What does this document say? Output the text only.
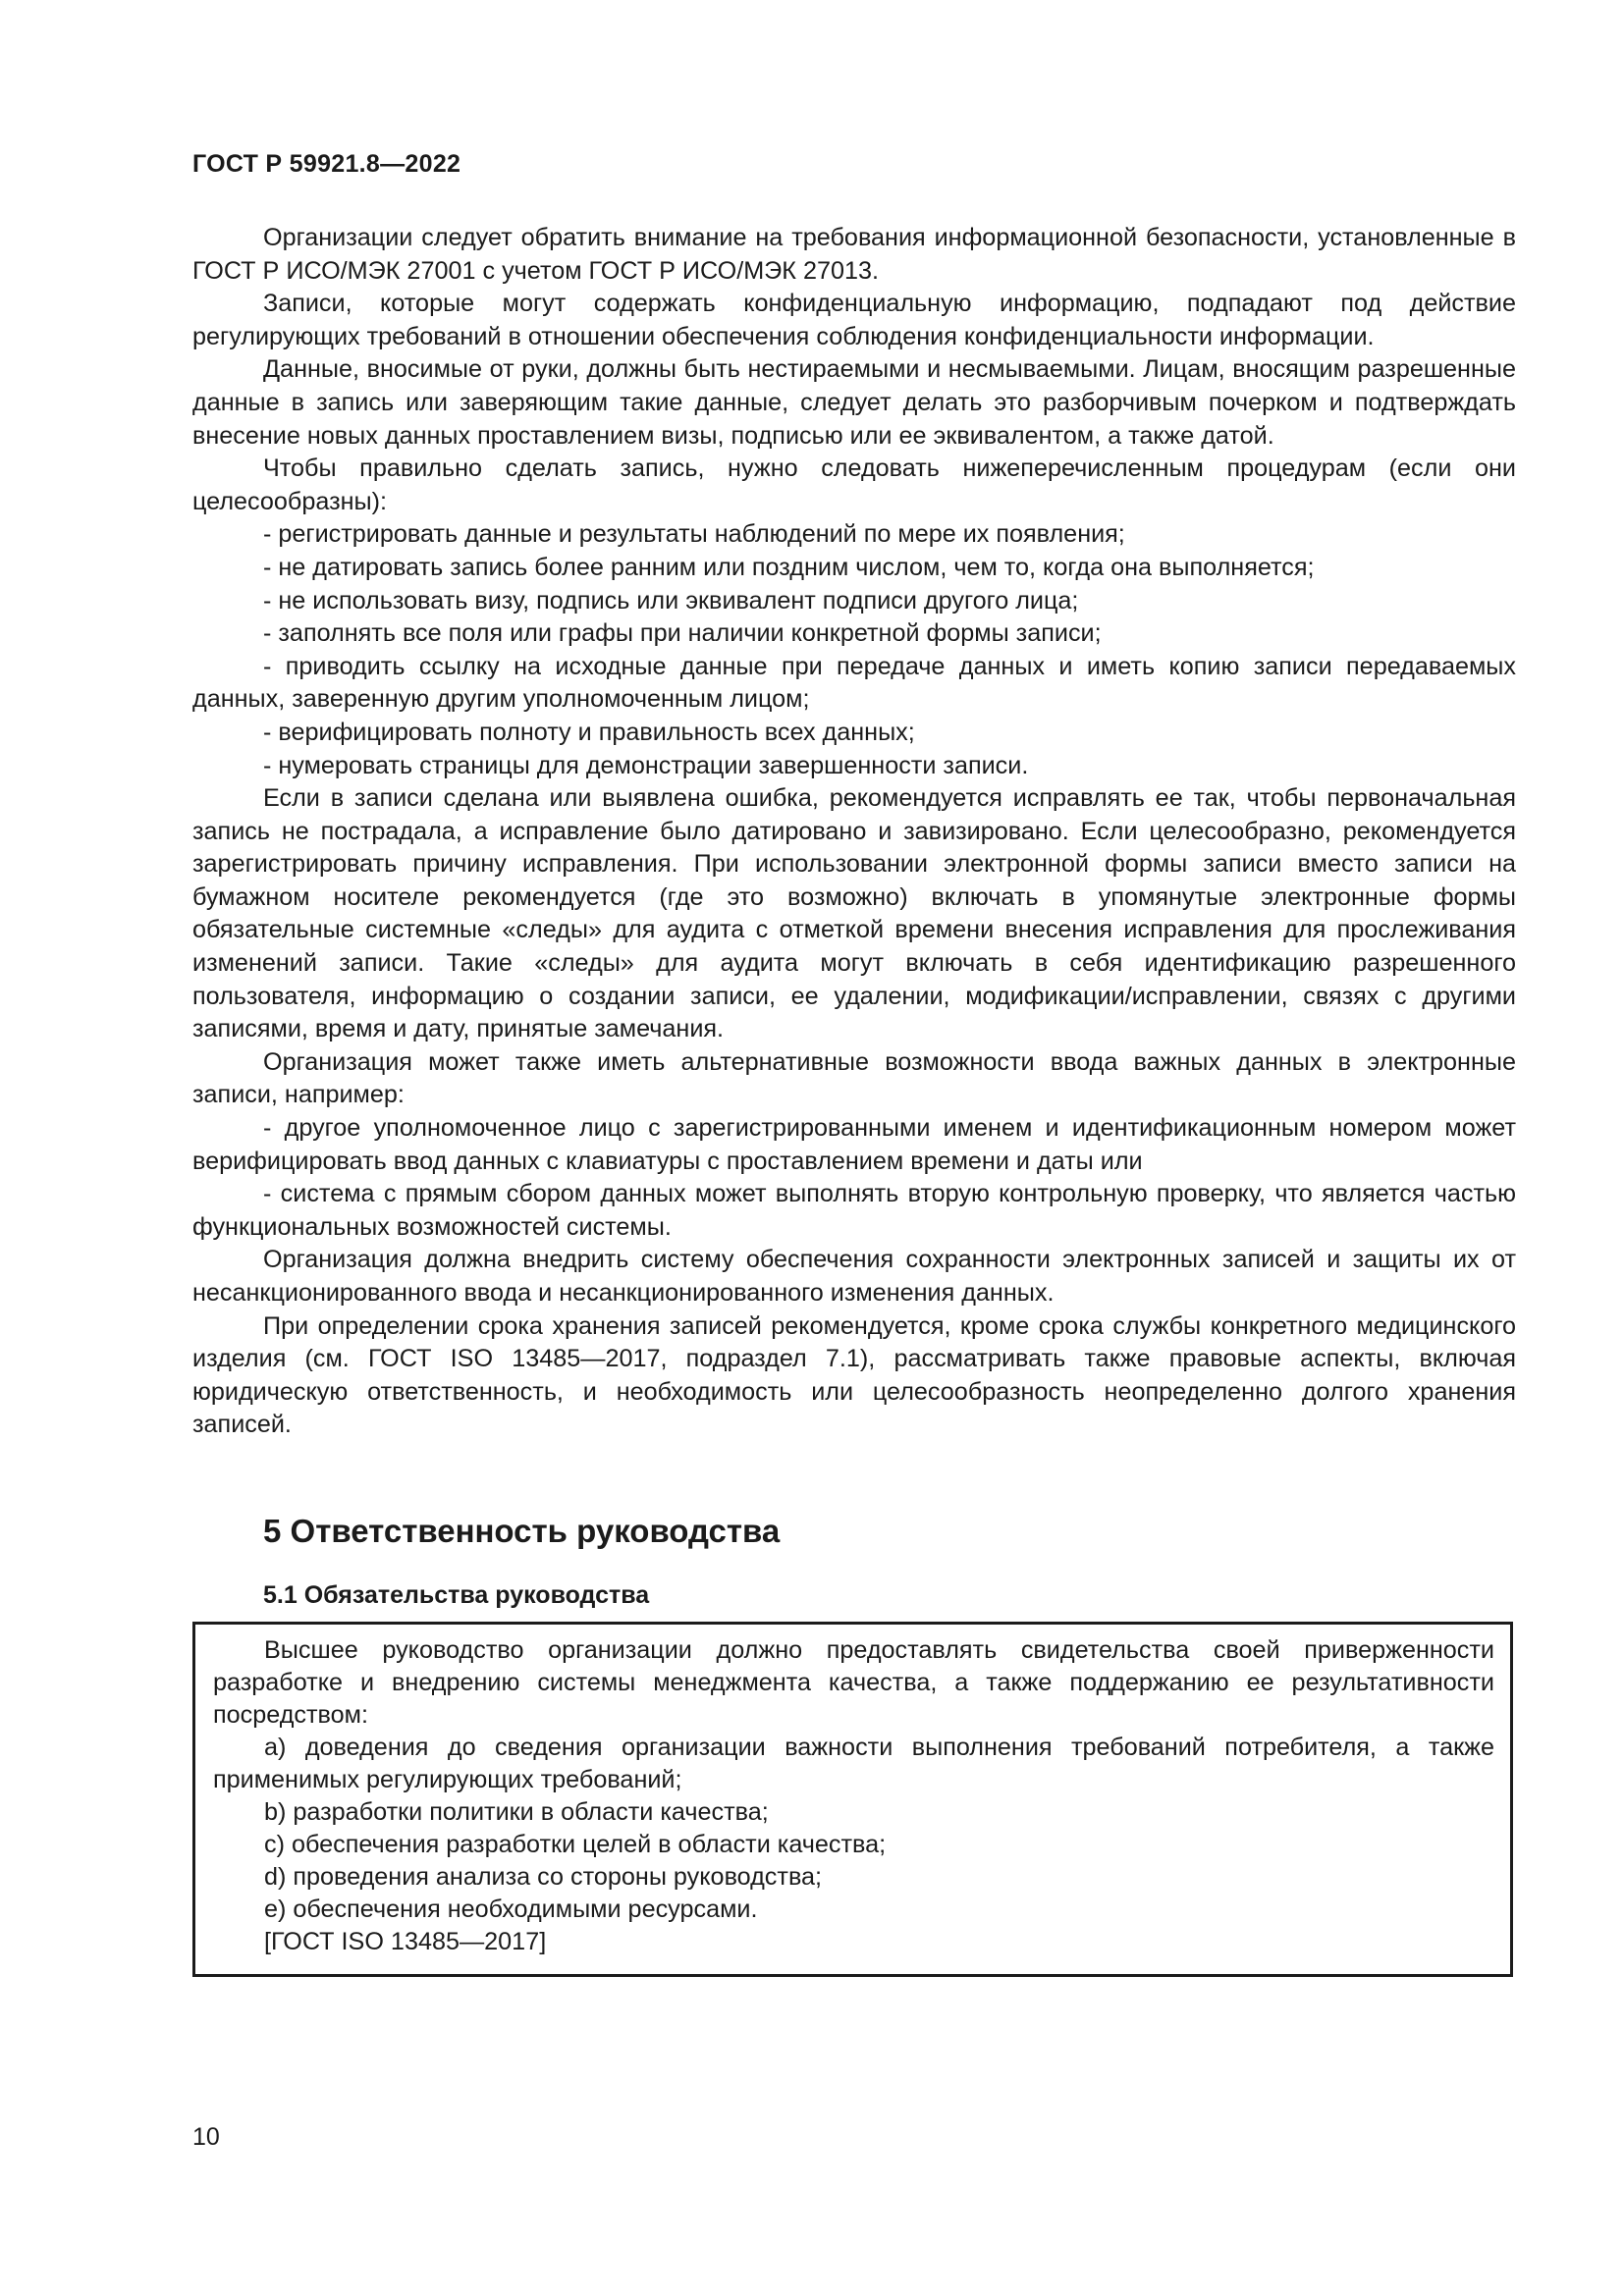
ГОСТ Р 59921.8—2022

Организации следует обратить внимание на требования информационной безопасности, установленные в ГОСТ Р ИСО/МЭК 27001 с учетом ГОСТ Р ИСО/МЭК 27013.

Записи, которые могут содержать конфиденциальную информацию, подпадают под действие регулирующих требований в отношении обеспечения соблюдения конфиденциальности информации.

Данные, вносимые от руки, должны быть нестираемыми и несмываемыми. Лицам, вносящим разрешенные данные в запись или заверяющим такие данные, следует делать это разборчивым почерком и подтверждать внесение новых данных проставлением визы, подписью или ее эквивалентом, а также датой.

Чтобы правильно сделать запись, нужно следовать нижеперечисленным процедурам (если они целесообразны):

- регистрировать данные и результаты наблюдений по мере их появления;

- не датировать запись более ранним или поздним числом, чем то, когда она выполняется;

- не использовать визу, подпись или эквивалент подписи другого лица;

- заполнять все поля или графы при наличии конкретной формы записи;

- приводить ссылку на исходные данные при передаче данных и иметь копию записи передаваемых данных, заверенную другим уполномоченным лицом;

- верифицировать полноту и правильность всех данных;

- нумеровать страницы для демонстрации завершенности записи.

Если в записи сделана или выявлена ошибка, рекомендуется исправлять ее так, чтобы первоначальная запись не пострадала, а исправление было датировано и завизировано. Если целесообразно, рекомендуется зарегистрировать причину исправления. При использовании электронной формы записи вместо записи на бумажном носителе рекомендуется (где это возможно) включать в упомянутые электронные формы обязательные системные «следы» для аудита с отметкой времени внесения исправления для прослеживания изменений записи. Такие «следы» для аудита могут включать в себя идентификацию разрешенного пользователя, информацию о создании записи, ее удалении, модификации/исправлении, связях с другими записями, время и дату, принятые замечания.

Организация может также иметь альтернативные возможности ввода важных данных в электронные записи, например:

- другое уполномоченное лицо с зарегистрированными именем и идентификационным номером может верифицировать ввод данных с клавиатуры с проставлением времени и даты или

- система с прямым сбором данных может выполнять вторую контрольную проверку, что является частью функциональных возможностей системы.

Организация должна внедрить систему обеспечения сохранности электронных записей и защиты их от несанкционированного ввода и несанкционированного изменения данных.

При определении срока хранения записей рекомендуется, кроме срока службы конкретного медицинского изделия (см. ГОСТ ISO 13485—2017, подраздел 7.1), рассматривать также правовые аспекты, включая юридическую ответственность, и необходимость или целесообразность неопределенно долгого хранения записей.

5 Ответственность руководства
5.1 Обязательства руководства

Высшее руководство организации должно предоставлять свидетельства своей приверженности разработке и внедрению системы менеджмента качества, а также поддержанию ее результативности посредством:

a) доведения до сведения организации важности выполнения требований потребителя, а также применимых регулирующих требований;

b) разработки политики в области качества;

c) обеспечения разработки целей в области качества;

d) проведения анализа со стороны руководства;

e) обеспечения необходимыми ресурсами.

[ГОСТ ISO 13485—2017]

10
